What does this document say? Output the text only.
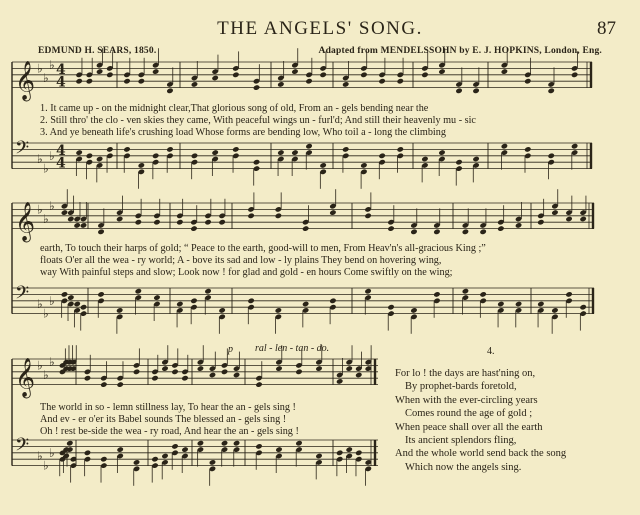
THE ANGELS' SONG.	87
EDMUND H. SEARS, 1850.	Adapted from MENDELSSOHN by E. J. HOPKINS, London, Eng.
𝄞 ♭
♭
♭ 4
4
1. It came up - on the midnight clear,That glorious song of old, From an - gels bending near the
2. Still thro' the clo - ven skies they came, With peaceful wings un - furl'd; And still their heavenly mu - sic
3. And ye beneath life's crushing load Whose forms are bending low, Who toil a - long the climbing
𝄢 ♭
♭
♭ 4
4
𝄞 ♭
♭
♭
earth, To touch their harps of gold; “ Peace to the earth, good-will to men, From Heav'n's all-gracious King ;”
floats O'er all the wea - ry world; A - bove its sad and low - ly plains They bend on hovering wing,
way With painful steps and slow; Look now ! for glad and gold - en hours Come swiftly on the wing;
𝄢 ♭
♭
♭
𝄞 ♭
♭
♭
p ral - len - tan - do.
The world in so - lemn stillness lay, To hear the an - gels sing !
And ev - er o'er its Babel sounds The blessed an - gels sing !
Oh ! rest be-side the wea - ry road, And hear the an - gels sing !
𝄢 ♭
♭
♭
4.
For lo ! the days are hast'ning on,
By prophet-bards foretold,
When with the ever-circling years
Comes round the age of gold ;
When peace shall over all the earth
Its ancient splendors fling,
And the whole world send back the song
Which now the angels sing.
